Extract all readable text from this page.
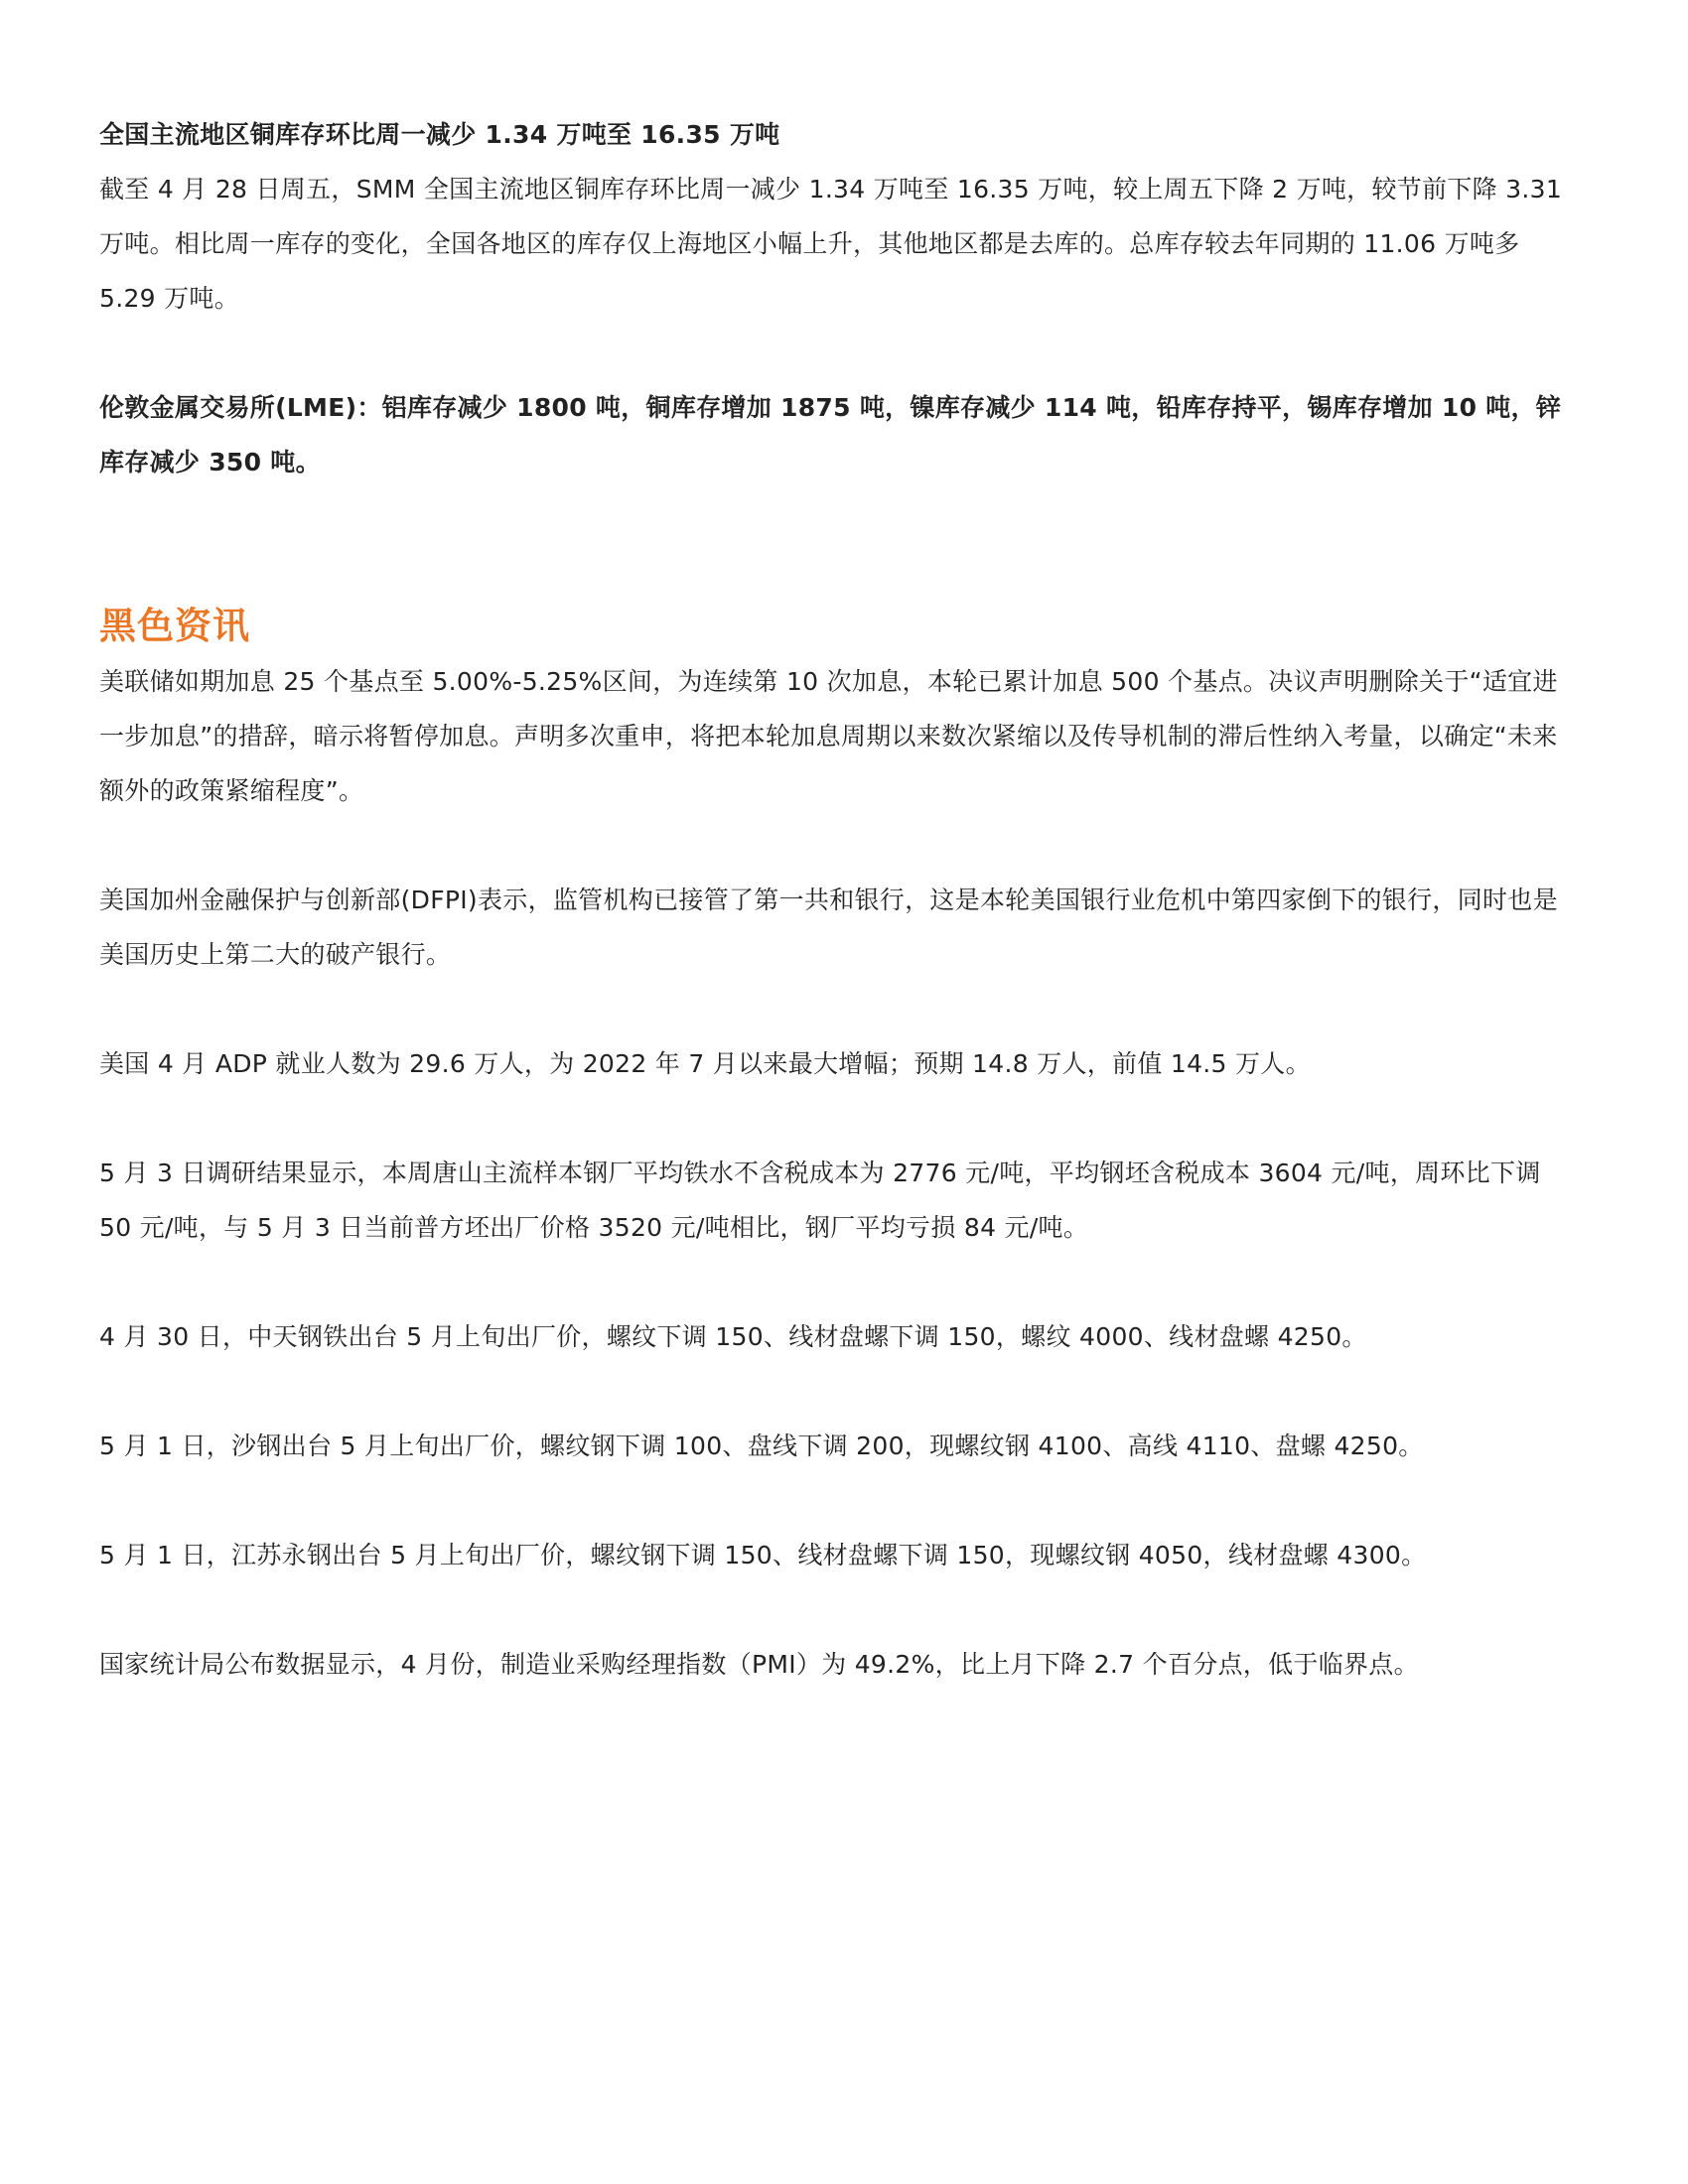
全国主流地区铜库存环比周一减少 1.34 万吨至 16.35 万吨

截至 4 月 28 日周五，SMM 全国主流地区铜库存环比周一减少 1.34 万吨至 16.35 万吨，较上周五下降 2 万吨，较节前下降 3.31 万吨。相比周一库存的变化，全国各地区的库存仅上海地区小幅上升，其他地区都是去库的。总库存较去年同期的 11.06 万吨多 5.29 万吨。

伦敦金属交易所(LME)：铝库存减少 1800 吨，铜库存增加 1875 吨，镍库存减少 114 吨，铅库存持平，锡库存增加 10 吨，锌库存减少 350 吨。

黑色资讯

美联储如期加息 25 个基点至 5.00%-5.25%区间，为连续第 10 次加息，本轮已累计加息 500 个基点。决议声明删除关于“适宜进一步加息”的措辞，暗示将暂停加息。声明多次重申，将把本轮加息周期以来数次紧缩以及传导机制的滞后性纳入考量，以确定“未来额外的政策紧缩程度”。

美国加州金融保护与创新部(DFPI)表示，监管机构已接管了第一共和银行，这是本轮美国银行业危机中第四家倒下的银行，同时也是美国历史上第二大的破产银行。

美国 4 月 ADP 就业人数为 29.6 万人，为 2022 年 7 月以来最大增幅；预期 14.8 万人，前值 14.5 万人。

5 月 3 日调研结果显示，本周唐山主流样本钢厂平均铁水不含税成本为 2776 元/吨，平均钢坯含税成本 3604 元/吨，周环比下调 50 元/吨，与 5 月 3 日当前普方坯出厂价格 3520 元/吨相比，钢厂平均亏损 84 元/吨。

4 月 30 日，中天钢铁出台 5 月上旬出厂价，螺纹下调 150、线材盘螺下调 150，螺纹 4000、线材盘螺 4250。

5 月 1 日，沙钢出台 5 月上旬出厂价，螺纹钢下调 100、盘线下调 200，现螺纹钢 4100、高线 4110、盘螺 4250。

5 月 1 日，江苏永钢出台 5 月上旬出厂价，螺纹钢下调 150、线材盘螺下调 150，现螺纹钢 4050，线材盘螺 4300。

国家统计局公布数据显示，4 月份，制造业采购经理指数（PMI）为 49.2%，比上月下降 2.7 个百分点，低于临界点。
